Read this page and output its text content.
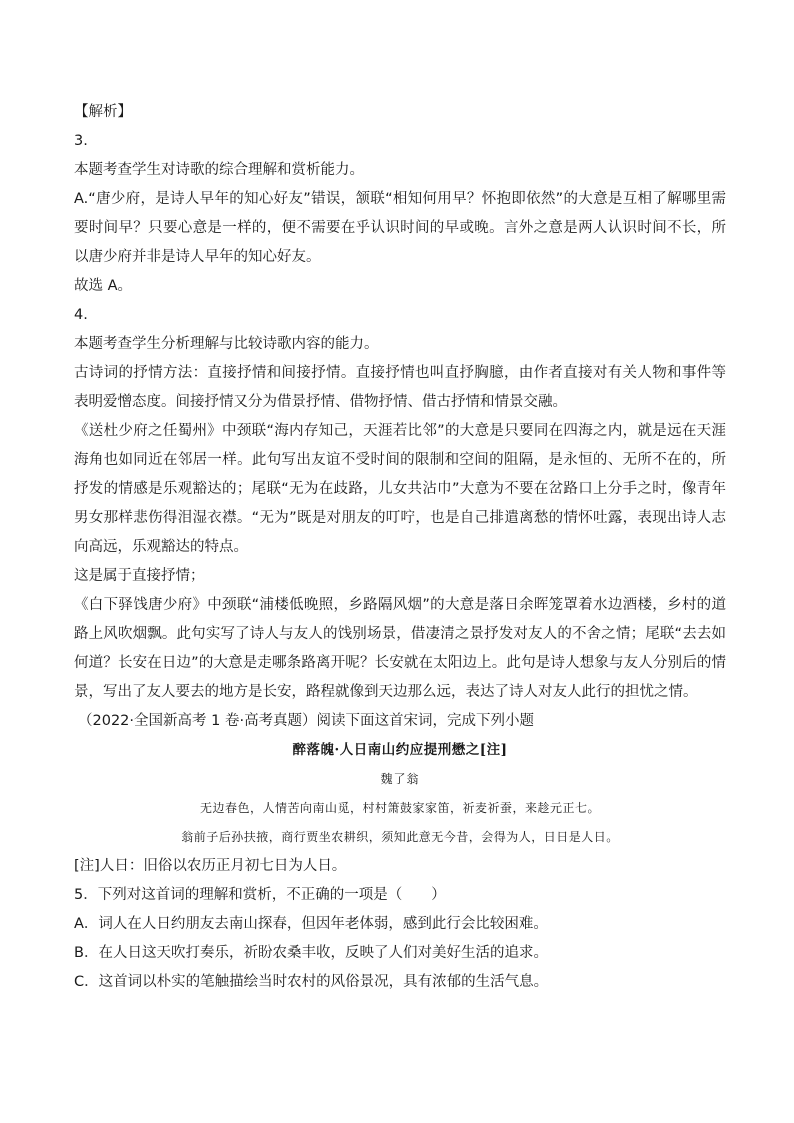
【解析】

3.

本题考查学生对诗歌的综合理解和赏析能力。

A.“唐少府，是诗人早年的知心好友”错误，颔联“相知何用早？怀抱即依然”的大意是互相了解哪里需要时间早？只要心意是一样的，便不需要在乎认识时间的早或晚。言外之意是两人认识时间不长，所以唐少府并非是诗人早年的知心好友。

故选 A。

4.

本题考查学生分析理解与比较诗歌内容的能力。

古诗词的抒情方法：直接抒情和间接抒情。直接抒情也叫直抒胸臆，由作者直接对有关人物和事件等表明爱憎态度。间接抒情又分为借景抒情、借物抒情、借古抒情和情景交融。

《送杜少府之任蜀州》中颈联“海内存知己，天涯若比邻”的大意是只要同在四海之内，就是远在天涯海角也如同近在邻居一样。此句写出友谊不受时间的限制和空间的阻隔，是永恒的、无所不在的，所抒发的情感是乐观豁达的；尾联“无为在歧路，儿女共沾巾”大意为不要在岔路口上分手之时，像青年男女那样悲伤得泪湿衣襟。“无为”既是对朋友的叮咛，也是自己排遣离愁的情怀吐露，表现出诗人志向高远，乐观豁达的特点。

这是属于直接抒情；

《白下驿饯唐少府》中颈联“浦楼低晚照，乡路隔风烟”的大意是落日余晖笼罩着水边酒楼，乡村的道路上风吹烟飘。此句实写了诗人与友人的饯别场景，借凄清之景抒发对友人的不舍之情；尾联“去去如何道？长安在日边”的大意是走哪条路离开呢？长安就在太阳边上。此句是诗人想象与友人分别后的情景，写出了友人要去的地方是长安，路程就像到天边那么远，表达了诗人对友人此行的担忧之情。

（2022·全国新高考 1 卷·高考真题）阅读下面这首宋词，完成下列小题

醉落魄·人日南山约应提刑懋之[注]

魏了翁

无边春色，人情苦向南山觅，村村箫鼓家家笛，祈麦祈蚕，来趁元正七。

翁前子后孙扶掖，商行贾坐农耕织，须知此意无今昔，会得为人，日日是人日。

[注]人日：旧俗以农历正月初七日为人日。

5．下列对这首词的理解和赏析，不正确的一项是（　　）

A．词人在人日约朋友去南山探春，但因年老体弱，感到此行会比较困难。

B．在人日这天吹打奏乐，祈盼农桑丰收，反映了人们对美好生活的追求。

C．这首词以朴实的笔触描绘当时农村的风俗景况，具有浓郁的生活气息。
